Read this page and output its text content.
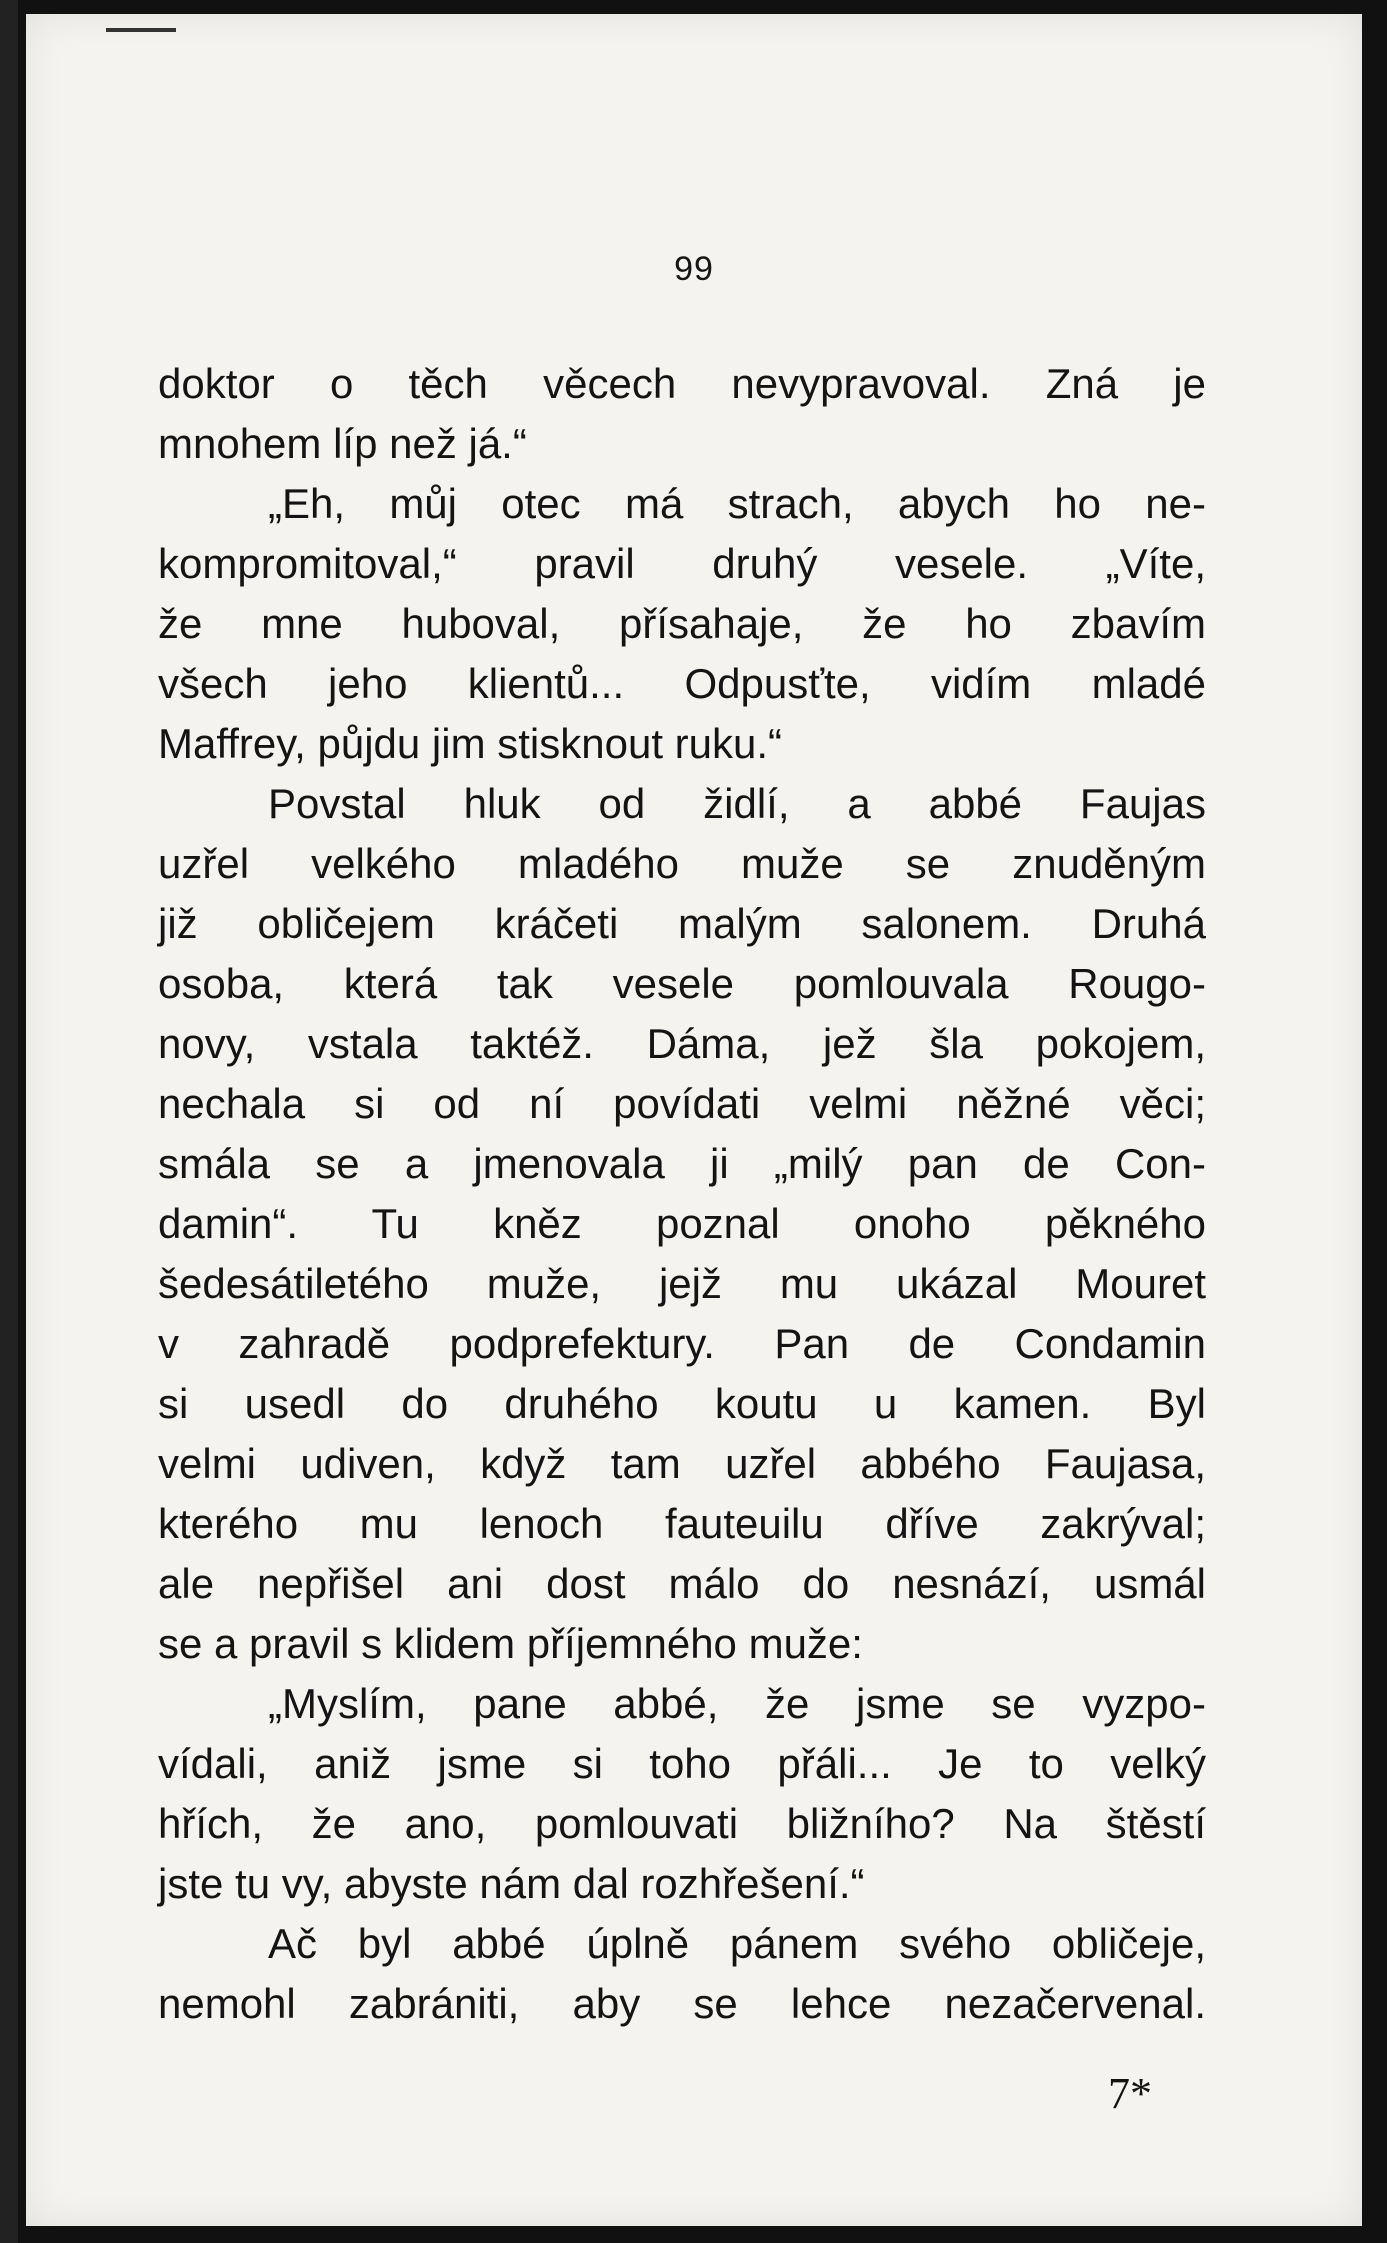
99
doktor o těch věcech nevypravoval. Zná je
mnohem líp než já.“
„Eh, můj otec má strach, abych ho ne-
kompromitoval,“ pravil druhý vesele. „Víte,
že mne huboval, přísahaje, že ho zbavím
všech jeho klientů... Odpusťte, vidím mladé
Maffrey, půjdu jim stisknout ruku.“
Povstal hluk od židlí, a abbé Faujas
uzřel velkého mladého muže se znuděným
již obličejem kráčeti malým salonem. Druhá
osoba, která tak vesele pomlouvala Rougo-
novy, vstala taktéž. Dáma, jež šla pokojem,
nechala si od ní povídati velmi něžné věci;
smála se a jmenovala ji „milý pan de Con-
damin“. Tu kněz poznal onoho pěkného
šedesátiletého muže, jejž mu ukázal Mouret
v zahradě podprefektury. Pan de Condamin
si usedl do druhého koutu u kamen. Byl
velmi udiven, když tam uzřel abbého Faujasa,
kterého mu lenoch fauteuilu dříve zakrýval;
ale nepřišel ani dost málo do nesnází, usmál
se a pravil s klidem příjemného muže:
„Myslím, pane abbé, že jsme se vyzpo-
vídali, aniž jsme si toho přáli... Je to velký
hřích, že ano, pomlouvati bližního? Na štěstí
jste tu vy, abyste nám dal rozhřešení.“
Ač byl abbé úplně pánem svého obličeje,
nemohl zabrániti, aby se lehce nezačervenal.
7*
